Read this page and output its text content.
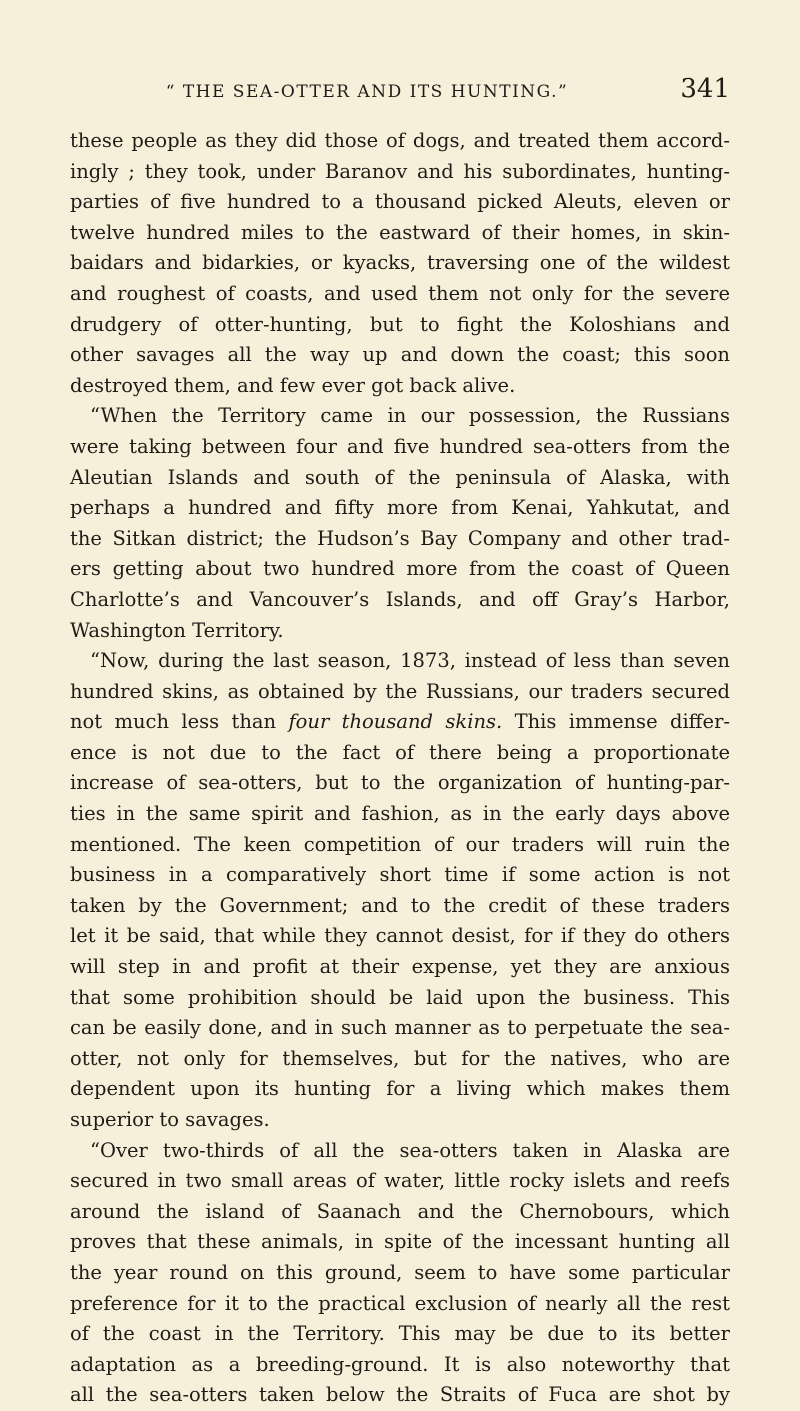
“ THE SEA-OTTER AND ITS HUNTING.”	341
these people as they did those of dogs, and treated them accord-
ingly ; they took, under Baranov and his subordinates, hunting-
parties of five hundred to a thousand picked Aleuts, eleven or
twelve hundred miles to the eastward of their homes, in skin-
baidars and bidarkies, or kyacks, traversing one of the wildest
and roughest of coasts, and used them not only for the severe
drudgery of otter-hunting, but to fight the Koloshians and
other savages all the way up and down the coast; this soon
destroyed them, and few ever got back alive.
“When the Territory came in our possession, the Russians
were taking between four and five hundred sea-otters from the
Aleutian Islands and south of the peninsula of Alaska, with
perhaps a hundred and fifty more from Kenai, Yahkutat, and
the Sitkan district; the Hudson’s Bay Company and other trad-
ers getting about two hundred more from the coast of Queen
Charlotte’s and Vancouver’s Islands, and off Gray’s Harbor,
Washington Territory.
“Now, during the last season, 1873, instead of less than seven
hundred skins, as obtained by the Russians, our traders secured
not much less than four thousand skins. This immense differ-
ence is not due to the fact of there being a proportionate
increase of sea-otters, but to the organization of hunting-par-
ties in the same spirit and fashion, as in the early days above
mentioned. The keen competition of our traders will ruin the
business in a comparatively short time if some action is not
taken by the Government; and to the credit of these traders
let it be said, that while they cannot desist, for if they do others
will step in and profit at their expense, yet they are anxious
that some prohibition should be laid upon the business. This
can be easily done, and in such manner as to perpetuate the sea-
otter, not only for themselves, but for the natives, who are
dependent upon its hunting for a living which makes them
superior to savages.
“Over two-thirds of all the sea-otters taken in Alaska are
secured in two small areas of water, little rocky islets and reefs
around the island of Saanach and the Chernobours, which
proves that these animals, in spite of the incessant hunting all
the year round on this ground, seem to have some particular
preference for it to the practical exclusion of nearly all the rest
of the coast in the Territory. This may be due to its better
adaptation as a breeding-ground. It is also noteworthy that
all the sea-otters taken below the Straits of Fuca are shot by
